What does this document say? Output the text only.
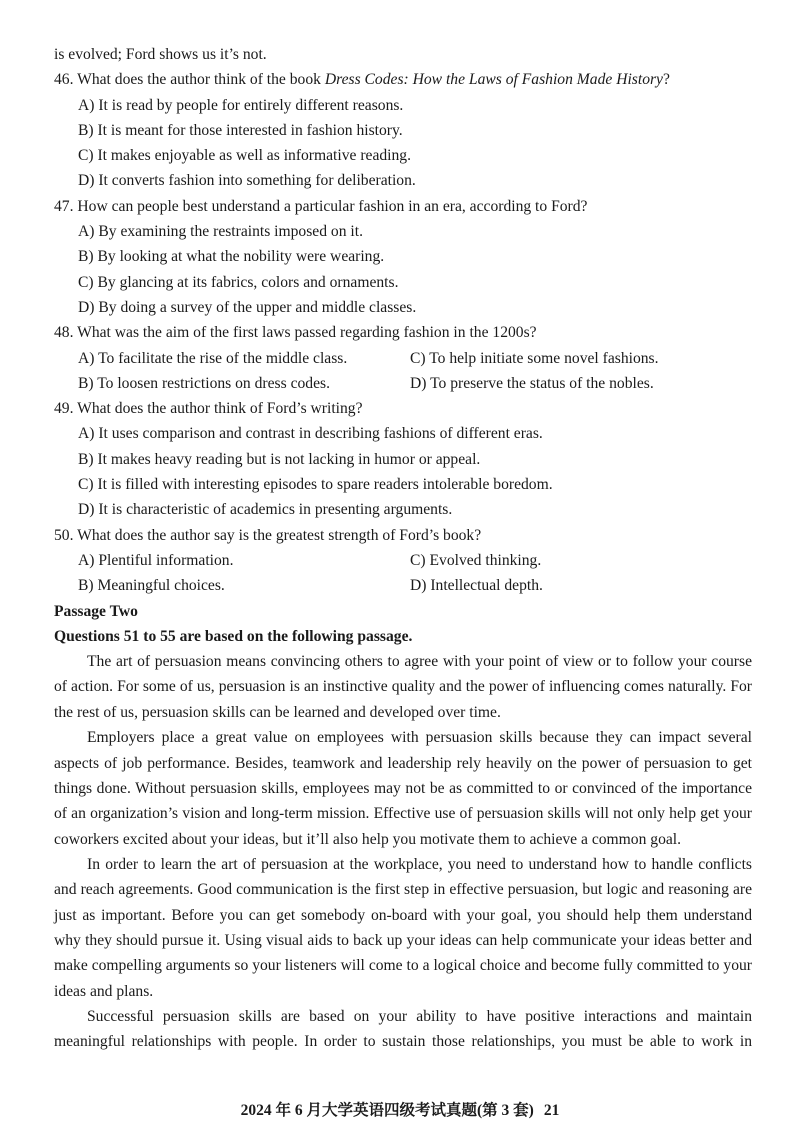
is evolved; Ford shows us it’s not.
46. What does the author think of the book Dress Codes: How the Laws of Fashion Made History?
A) It is read by people for entirely different reasons.
B) It is meant for those interested in fashion history.
C) It makes enjoyable as well as informative reading.
D) It converts fashion into something for deliberation.
47. How can people best understand a particular fashion in an era, according to Ford?
A) By examining the restraints imposed on it.
B) By looking at what the nobility were wearing.
C) By glancing at its fabrics, colors and ornaments.
D) By doing a survey of the upper and middle classes.
48. What was the aim of the first laws passed regarding fashion in the 1200s?
A) To facilitate the rise of the middle class.	C) To help initiate some novel fashions.
B) To loosen restrictions on dress codes.	D) To preserve the status of the nobles.
49. What does the author think of Ford’s writing?
A) It uses comparison and contrast in describing fashions of different eras.
B) It makes heavy reading but is not lacking in humor or appeal.
C) It is filled with interesting episodes to spare readers intolerable boredom.
D) It is characteristic of academics in presenting arguments.
50. What does the author say is the greatest strength of Ford’s book?
A) Plentiful information.	C) Evolved thinking.
B) Meaningful choices.	D) Intellectual depth.
Passage Two
Questions 51 to 55 are based on the following passage.

The art of persuasion means convincing others to agree with your point of view or to follow your course of action. For some of us, persuasion is an instinctive quality and the power of influencing comes naturally. For the rest of us, persuasion skills can be learned and developed over time.

Employers place a great value on employees with persuasion skills because they can impact several aspects of job performance. Besides, teamwork and leadership rely heavily on the power of persuasion to get things done. Without persuasion skills, employees may not be as committed to or convinced of the importance of an organization’s vision and long-term mission. Effective use of persuasion skills will not only help get your coworkers excited about your ideas, but it’ll also help you motivate them to achieve a common goal.

In order to learn the art of persuasion at the workplace, you need to understand how to handle conflicts and reach agreements. Good communication is the first step in effective persuasion, but logic and reasoning are just as important. Before you can get somebody on-board with your goal, you should help them understand why they should pursue it. Using visual aids to back up your ideas can help communicate your ideas better and make compelling arguments so your listeners will come to a logical choice and become fully committed to your ideas and plans.

Successful persuasion skills are based on your ability to have positive interactions and maintain meaningful relationships with people. In order to sustain those relationships, you must be able to work in

2024 年 6 月大学英语四级考试真题(第 3 套) 21
